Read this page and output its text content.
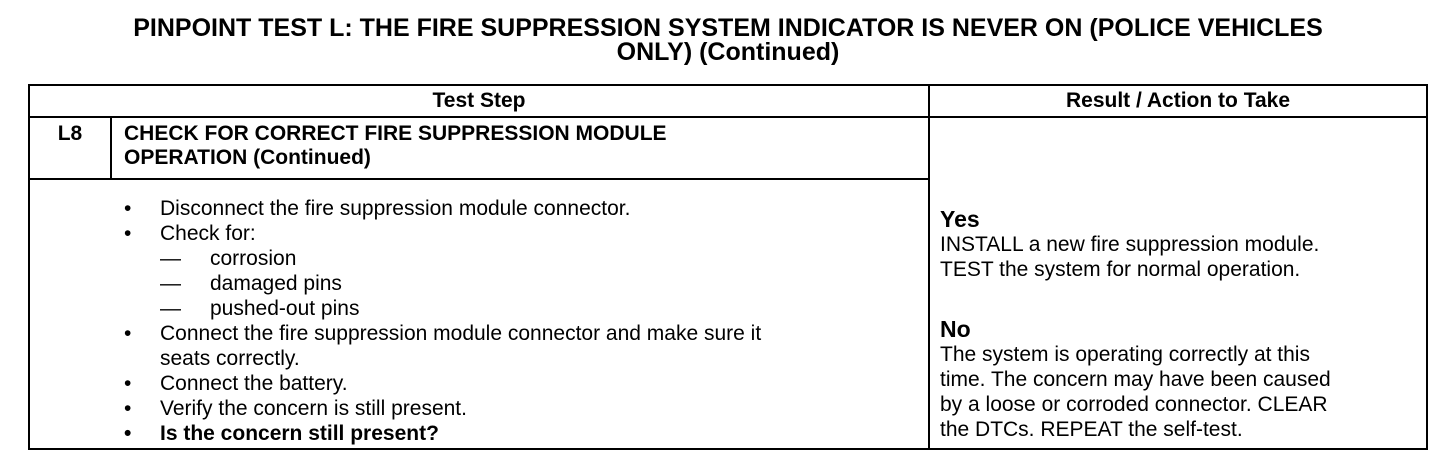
PINPOINT TEST L: THE FIRE SUPPRESSION SYSTEM INDICATOR IS NEVER ON (POLICE VEHICLES
ONLY) (Continued)
Test Step	Result / Action to Take
L8	CHECK FOR CORRECT FIRE SUPPRESSION MODULE
OPERATION (Continued)
• Disconnect the fire suppression module connector.
• Check for:
— corrosion
— damaged pins
— pushed-out pins
• Connect the fire suppression module connector and make sure it
seats correctly.
• Connect the battery.
• Verify the concern is still present.
• Is the concern still present?
Yes
INSTALL a new fire suppression module.
TEST the system for normal operation.
No
The system is operating correctly at this
time. The concern may have been caused
by a loose or corroded connector. CLEAR
the DTCs. REPEAT the self-test.
